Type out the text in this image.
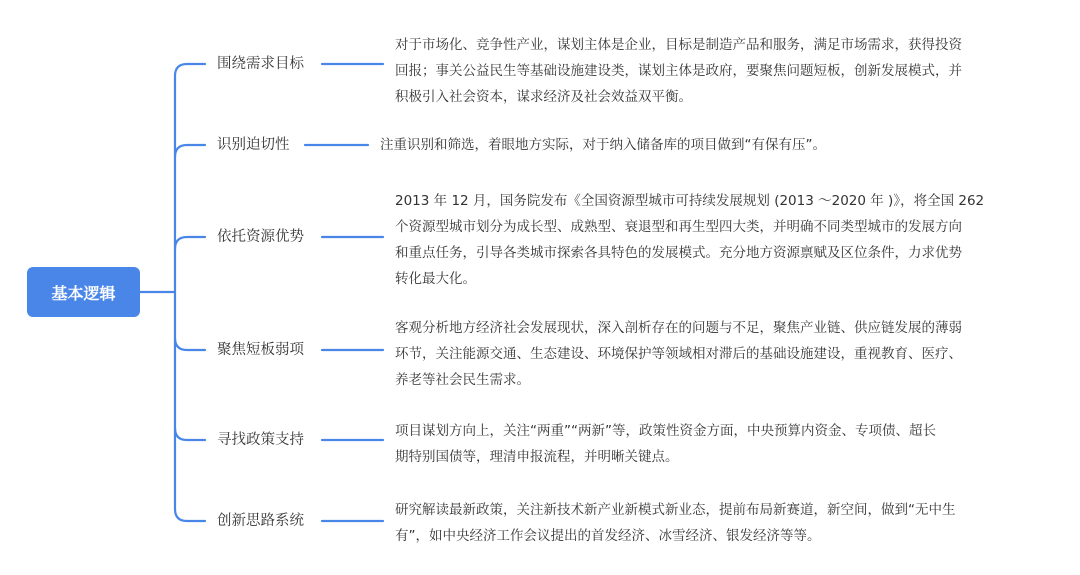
基本逻辑
围绕需求目标
对于市场化、竞争性产业，谋划主体是企业，目标是制造产品和服务，满足市场需求，获得投资
回报；事关公益民生等基础设施建设类，谋划主体是政府，要聚焦问题短板，创新发展模式，并
积极引入社会资本，谋求经济及社会效益双平衡。
识别迫切性	注重识别和筛选，着眼地方实际，对于纳入储备库的项目做到“有保有压”。
依托资源优势
2013 年 12 月，国务院发布《全国资源型城市可持续发展规划 (2013 ～2020 年 )》，将全国 262
个资源型城市划分为成长型、成熟型、衰退型和再生型四大类，并明确不同类型城市的发展方向
和重点任务，引导各类城市探索各具特色的发展模式。充分地方资源禀赋及区位条件，力求优势
转化最大化。
聚焦短板弱项
客观分析地方经济社会发展现状，深入剖析存在的问题与不足，聚焦产业链、供应链发展的薄弱
环节，关注能源交通、生态建设、环境保护等领域相对滞后的基础设施建设，重视教育、医疗、
养老等社会民生需求。
寻找政策支持
项目谋划方向上，关注“两重”“两新”等，政策性资金方面，中央预算内资金、专项债、超长
期特别国债等，理清申报流程，并明晰关键点。
创新思路系统
研究解读最新政策，关注新技术新产业新模式新业态，提前布局新赛道，新空间，做到“无中生
有”，如中央经济工作会议提出的首发经济、冰雪经济、银发经济等等。
